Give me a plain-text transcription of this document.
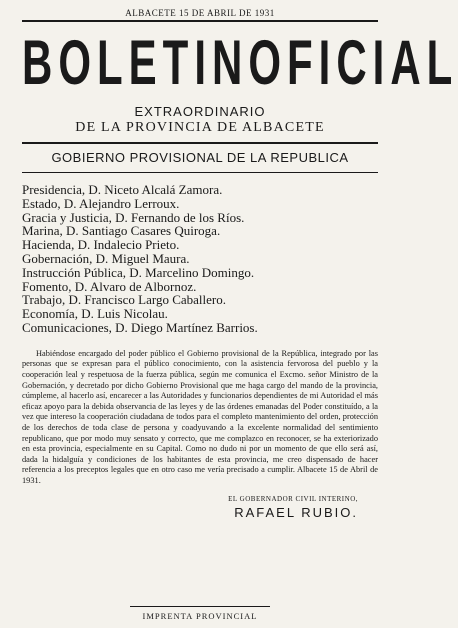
ALBACETE 15 DE ABRIL DE 1931
BOLETIN OFICIAL
EXTRAORDINARIO
DE LA PROVINCIA DE ALBACETE
GOBIERNO PROVISIONAL DE LA REPUBLICA
Presidencia, D. Niceto Alcalá Zamora.
Estado, D. Alejandro Lerroux.
Gracia y Justicia, D. Fernando de los Ríos.
Marina, D. Santiago Casares Quiroga.
Hacienda, D. Indalecio Prieto.
Gobernación, D. Miguel Maura.
Instrucción Pública, D. Marcelino Domingo.
Fomento, D. Alvaro de Albornoz.
Trabajo, D. Francisco Largo Caballero.
Economía, D. Luis Nicolau.
Comunicaciones, D. Diego Martínez Barrios.

Habiéndose encargado del poder público el Gobierno provisional de la República, integrado por las personas que se expresan para el público conocimiento, con la asistencia fervorosa del pueblo y la cooperación leal y respetuosa de la fuerza pública, según me comunica el Excmo. señor Ministro de la Gobernación, y decretado por dicho Gobierno Provisional que me haga cargo del mando de la provincia, cúmpleme, al hacerlo así, encarecer a las Autoridades y funcionarios dependientes de mi Autoridad el más eficaz apoyo para la debida observancia de las leyes y de las órdenes emanadas del Poder constituído, a la vez que intereso la cooperación ciudadana de todos para el completo mantenimiento del orden, protección de los derechos de toda clase de persona y coadyuvando a la excelente normalidad del sentimiento republicano, que por modo muy sensato y correcto, que me complazco en reconocer, se ha exteriorizado en esta provincia, especialmente en su Capital. Como no dudo ni por un momento de que ello será así, dada la hidalguía y condiciones de los habitantes de esta provincia, me creo dispensado de hacer referencia a los preceptos legales que en otro caso me vería precisado a cumplir. Albacete 15 de Abril de 1931.

EL GOBERNADOR CIVIL INTERINO,
RAFAEL RUBIO.
IMPRENTA PROVINCIAL
